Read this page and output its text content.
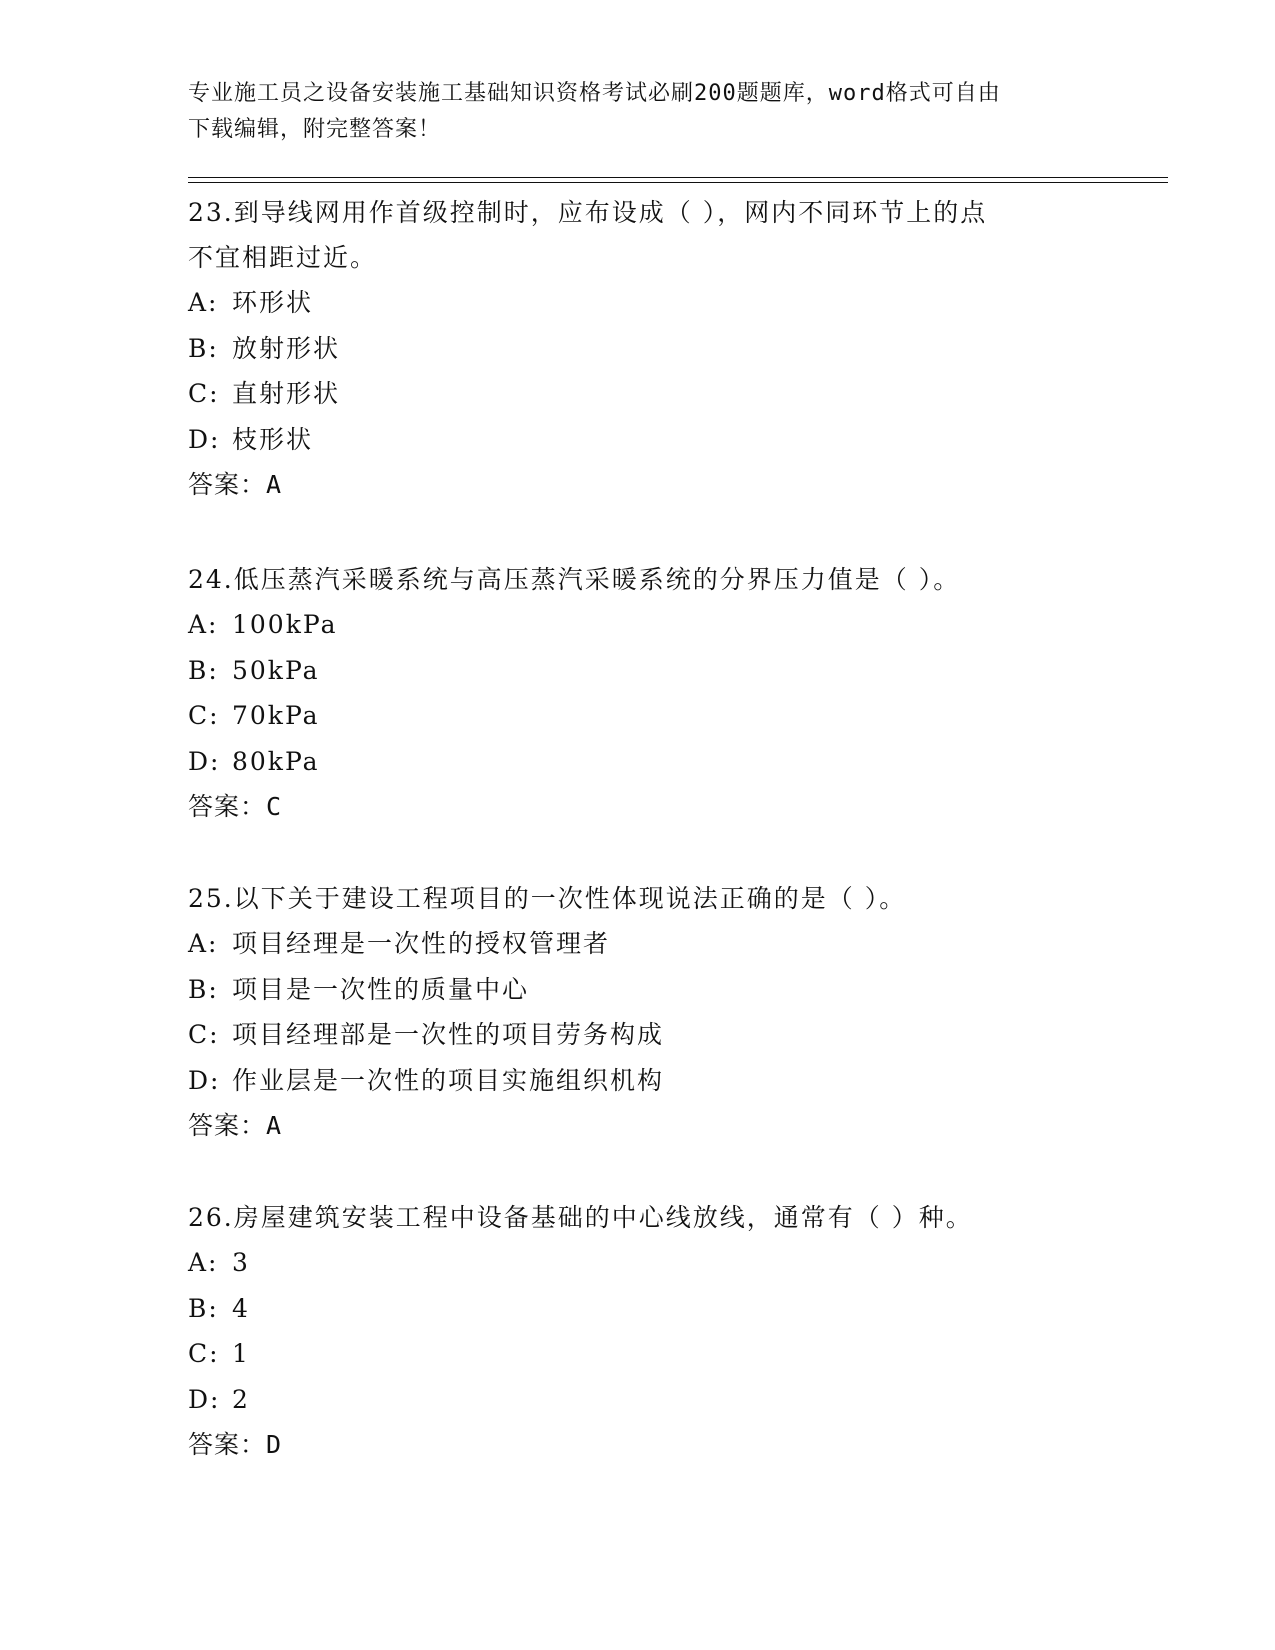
专业施工员之设备安装施工基础知识资格考试必刷200题题库，word格式可自由
下载编辑，附完整答案！
23.到导线网用作首级控制时，应布设成（ ），网内不同环节上的点
不宜相距过近。
A: 环形状
B: 放射形状
C: 直射形状
D: 枝形状
答案：A
24.低压蒸汽采暖系统与高压蒸汽采暖系统的分界压力值是（ ）。
A: 100kPa
B: 50kPa
C: 70kPa
D: 80kPa
答案：C
25.以下关于建设工程项目的一次性体现说法正确的是（ ）。
A: 项目经理是一次性的授权管理者
B: 项目是一次性的质量中心
C: 项目经理部是一次性的项目劳务构成
D: 作业层是一次性的项目实施组织机构
答案：A
26.房屋建筑安装工程中设备基础的中心线放线，通常有（ ）种。
A: 3
B: 4
C: 1
D: 2
答案：D
